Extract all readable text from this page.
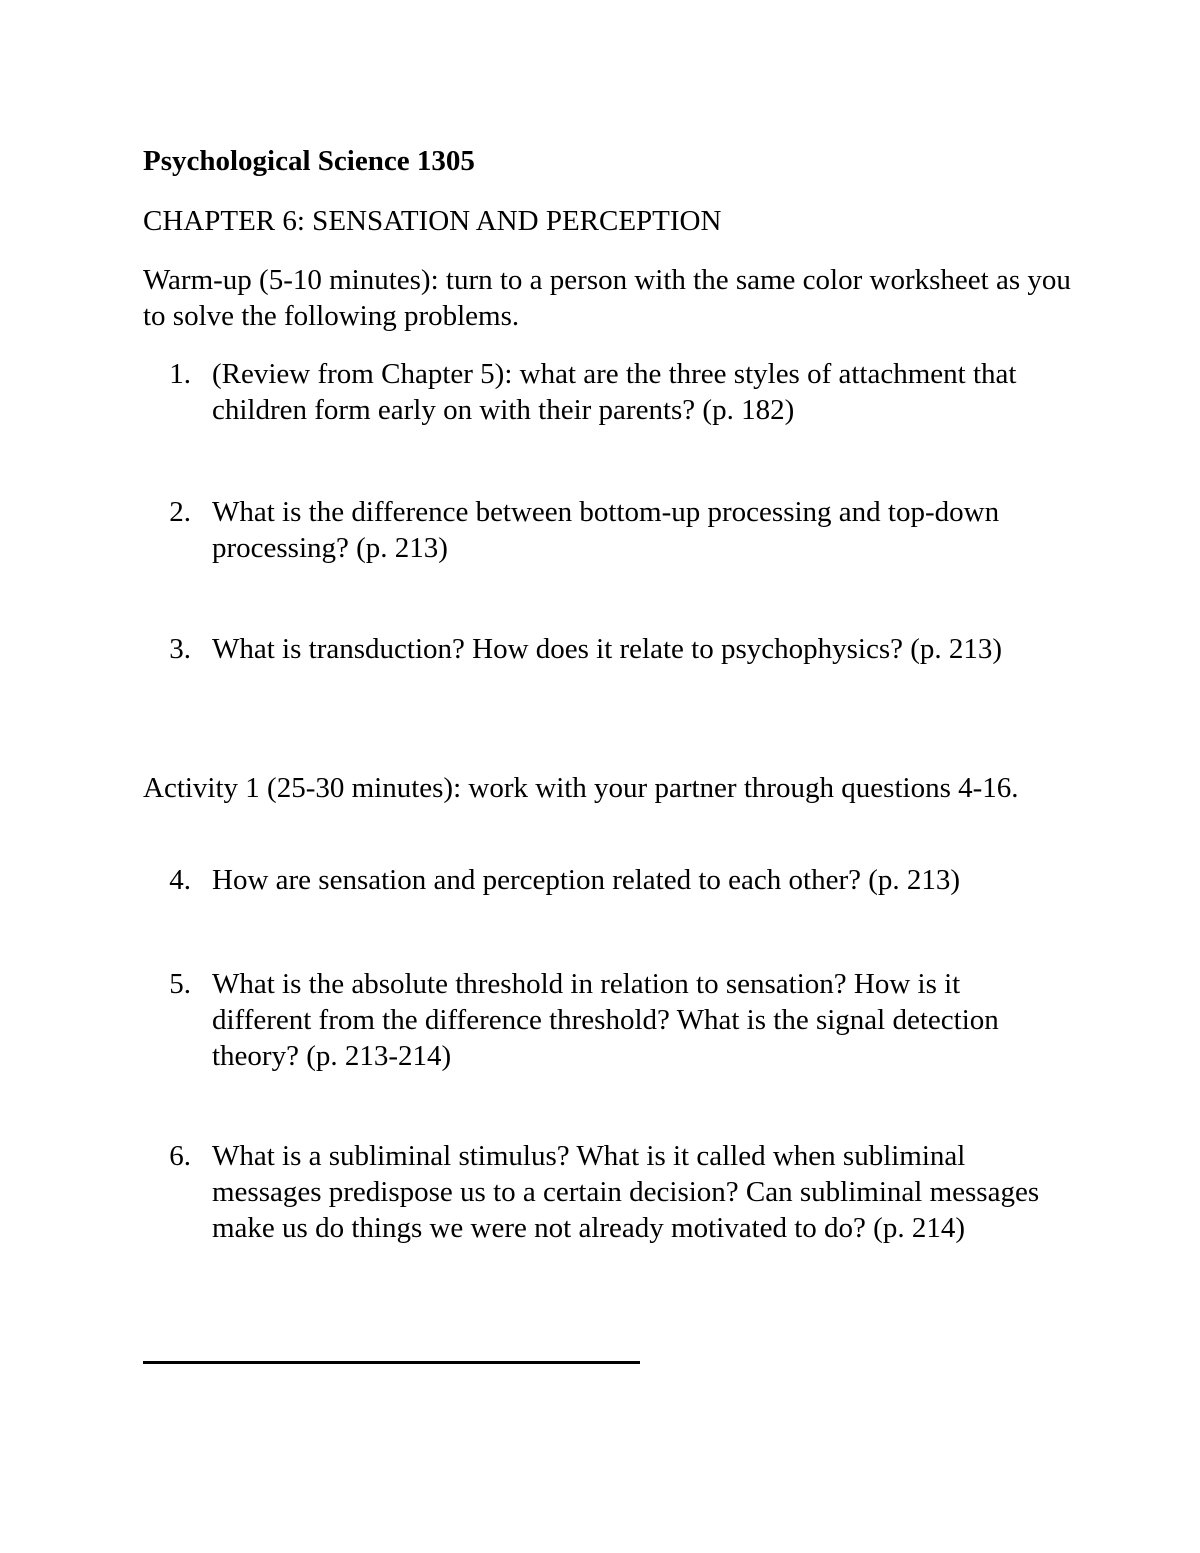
Psychological Science 1305
CHAPTER 6: SENSATION AND PERCEPTION

Warm-up (5-10 minutes): turn to a person with the same color worksheet as you to solve the following problems.

1. (Review from Chapter 5): what are the three styles of attachment that children form early on with their parents? (p. 182)
2. What is the difference between bottom-up processing and top-down processing? (p. 213)
3. What is transduction? How does it relate to psychophysics? (p. 213)

Activity 1 (25-30 minutes): work with your partner through questions 4-16.

4. How are sensation and perception related to each other? (p. 213)
5. What is the absolute threshold in relation to sensation? How is it different from the difference threshold? What is the signal detection theory? (p. 213-214)
6. What is a subliminal stimulus? What is it called when subliminal messages predispose us to a certain decision? Can subliminal messages make us do things we were not already motivated to do? (p. 214)
